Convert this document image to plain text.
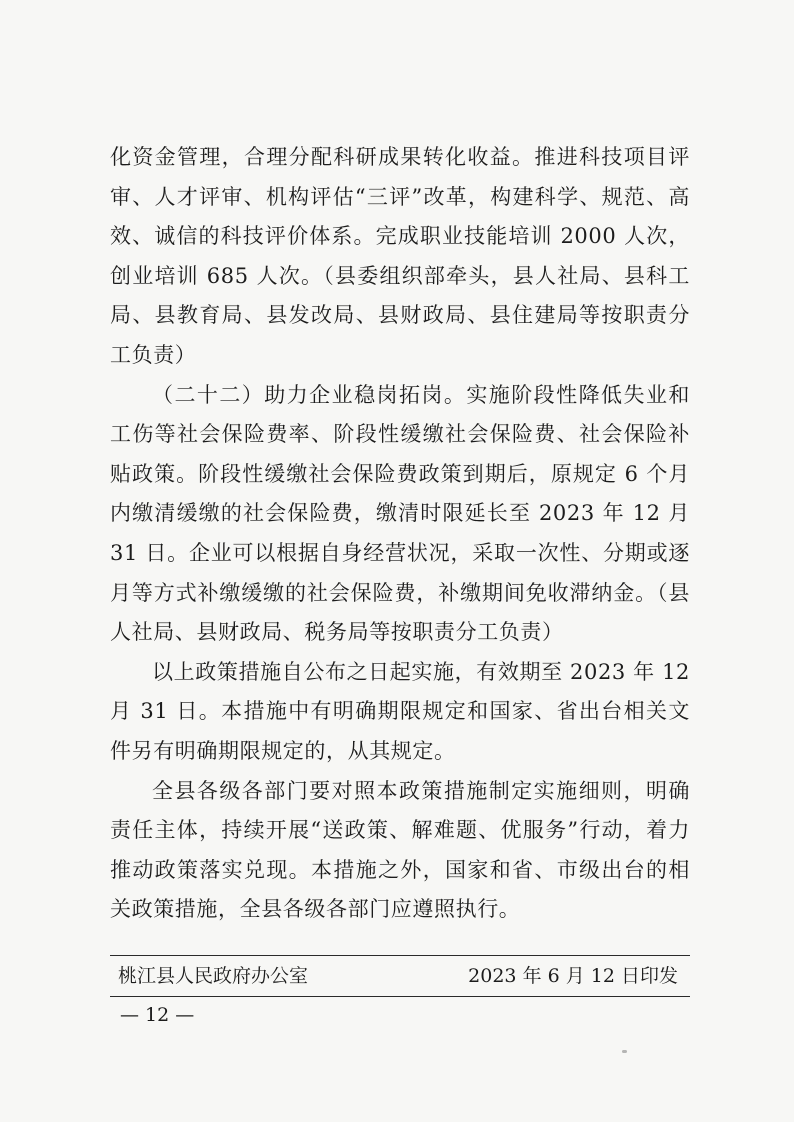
化资金管理，合理分配科研成果转化收益。推进科技项目评审、人才评审、机构评估“三评”改革，构建科学、规范、高效、诚信的科技评价体系。完成职业技能培训 2000 人次，创业培训 685 人次。（县委组织部牵头，县人社局、县科工局、县教育局、县发改局、县财政局、县住建局等按职责分工负责）

（二十二）助力企业稳岗拓岗。实施阶段性降低失业和工伤等社会保险费率、阶段性缓缴社会保险费、社会保险补贴政策。阶段性缓缴社会保险费政策到期后，原规定 6 个月内缴清缓缴的社会保险费，缴清时限延长至 2023 年 12 月 31 日。企业可以根据自身经营状况，采取一次性、分期或逐月等方式补缴缓缴的社会保险费，补缴期间免收滞纳金。（县人社局、县财政局、税务局等按职责分工负责）

以上政策措施自公布之日起实施，有效期至 2023 年 12 月 31 日。本措施中有明确期限规定和国家、省出台相关文件另有明确期限规定的，从其规定。

全县各级各部门要对照本政策措施制定实施细则，明确责任主体，持续开展“送政策、解难题、优服务”行动，着力推动政策落实兑现。本措施之外，国家和省、市级出台的相关政策措施，全县各级各部门应遵照执行。

桃江县人民政府办公室	2023 年 6 月 12 日印发
— 12 —
